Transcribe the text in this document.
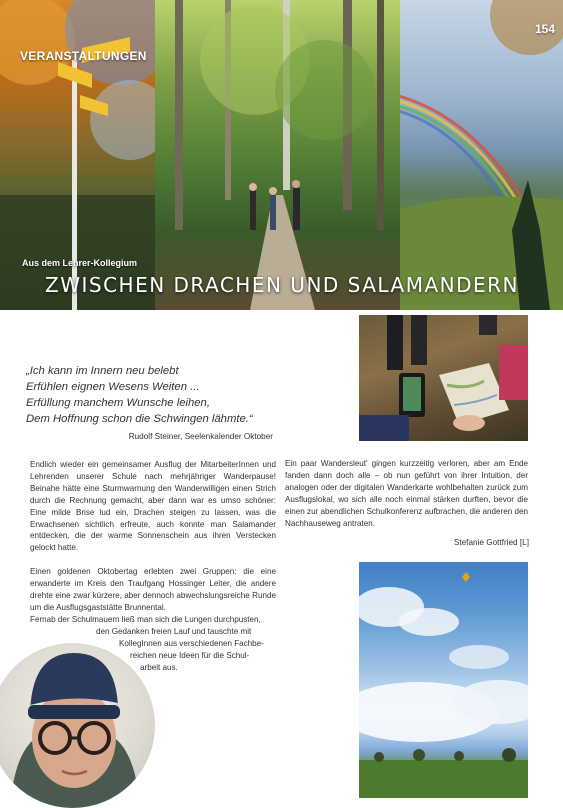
VERANSTALTUNGEN
154
Aus dem Lehrer-Kollegium
ZWISCHEN DRACHEN UND SALAMANDERN
„Ich kann im Innern neu belebt
Erfühlen eignen Wesens Weiten ...
Erfüllung manchem Wunsche leihen,
Dem Hoffnung schon die Schwingen lähmte.“
Rudolf Steiner, Seelenkalender Oktober

Endlich wieder ein gemeinsamer Ausflug der MitarbeiterInnen und Lehrenden unserer Schule nach mehrjähriger Wanderpause! Beinahe hätte eine Sturmwarnung den Wanderwilligen einen Strich durch die Rechnung gemacht, aber dann war es umso schöner: Eine milde Brise lud ein, Drachen steigen zu lassen, was die Erwachsenen sichtlich erfreute, auch konnte man Salamander entdecken, die der warme Sonnenschein aus ihren Verstecken gelockt hatte.

Einen goldenen Oktobertag erlebten zwei Gruppen: die eine erwanderte im Kreis den Traufgang Hossinger Leiter, die andere drehte eine zwar kürzere, aber dennoch abwechslungsreiche Runde um die Ausflugsgaststätte Brunnental.

Fernab der Schulmauern ließ man sich die Lungen durchpusten,
den Gedanken freien Lauf und tauschte mit
KollegInnen aus verschiedenen Fachbe-
reichen neue Ideen für die Schul-
arbeit aus.

Ein paar Wandersleut' gingen kurzzeitig verloren, aber am Ende fanden dann doch alle – ob nun geführt von ihrer Intuition, der analogen oder der digitalen Wanderkarte wohlbehalten zurück zum Ausflugslokal, wo sich alle noch einmal stärken durften, bevor die einen zur abendlichen Schulkonferenz aufbrachen, die anderen den Nachhauseweg antraten.

Stefanie Gottfried [L]
